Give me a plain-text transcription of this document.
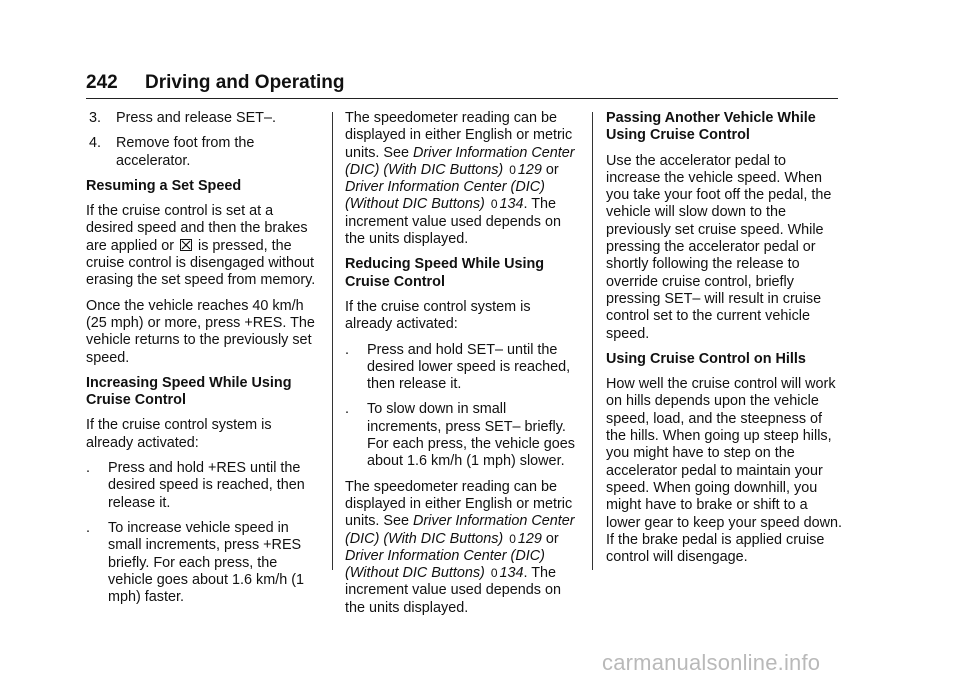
242 Driving and Operating
3.	Press and release SET–.
4.	Remove foot from the accelerator.
Resuming a Set Speed

If the cruise control is set at a desired speed and then the brakes are applied or is pressed, the cruise control is disengaged without erasing the set speed from memory.

Once the vehicle reaches 40 km/h (25 mph) or more, press +RES. The vehicle returns to the previously set speed.

Increasing Speed While Using Cruise Control

If the cruise control system is already activated:

.	Press and hold +RES until the desired speed is reached, then release it.
.	To increase vehicle speed in small increments, press +RES briefly. For each press, the vehicle goes about 1.6 km/h (1 mph) faster.

The speedometer reading can be displayed in either English or metric units. See Driver Information Center (DIC) (With DIC Buttons) 0 129 or Driver Information Center (DIC) (Without DIC Buttons) 0 134. The increment value used depends on the units displayed.

Reducing Speed While Using Cruise Control

If the cruise control system is already activated:

.	Press and hold SET– until the desired lower speed is reached, then release it.
.	To slow down in small increments, press SET– briefly. For each press, the vehicle goes about 1.6 km/h (1 mph) slower.

The speedometer reading can be displayed in either English or metric units. See Driver Information Center (DIC) (With DIC Buttons) 0 129 or Driver Information Center (DIC) (Without DIC Buttons) 0 134. The increment value used depends on the units displayed.

Passing Another Vehicle While Using Cruise Control

Use the accelerator pedal to increase the vehicle speed. When you take your foot off the pedal, the vehicle will slow down to the previously set cruise speed. While pressing the accelerator pedal or shortly following the release to override cruise control, briefly pressing SET– will result in cruise control set to the current vehicle speed.

Using Cruise Control on Hills

How well the cruise control will work on hills depends upon the vehicle speed, load, and the steepness of the hills. When going up steep hills, you might have to step on the accelerator pedal to maintain your speed. When going downhill, you might have to brake or shift to a lower gear to keep your speed down. If the brake pedal is applied cruise control will disengage.

carmanualsonline.info
